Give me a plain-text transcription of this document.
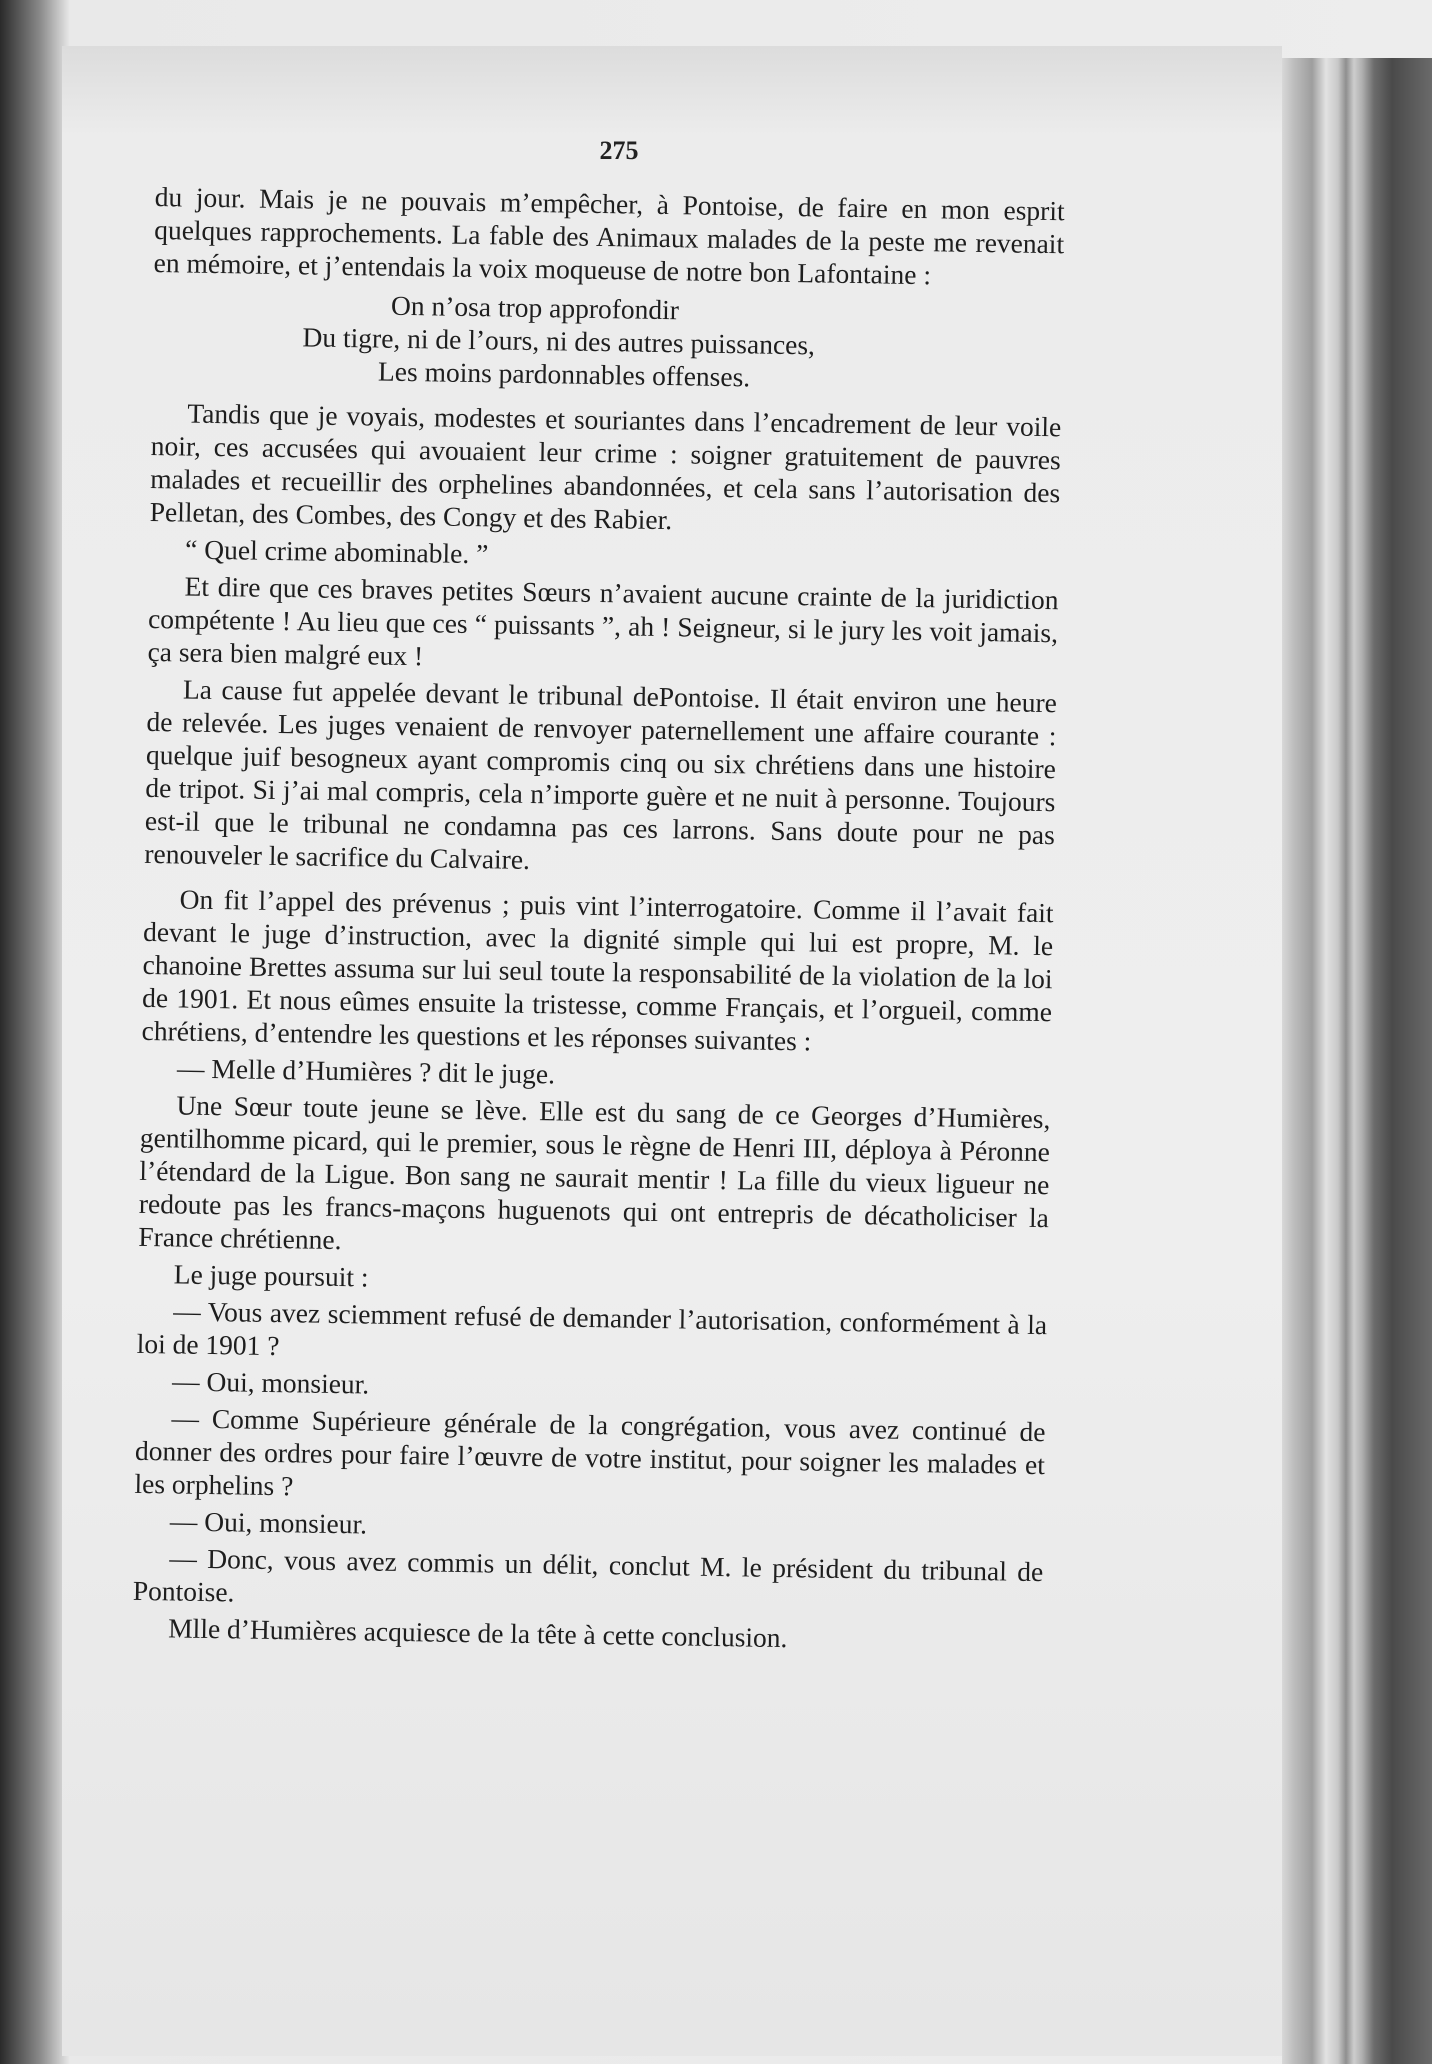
275

du jour. Mais je ne pouvais m’empêcher, à Pontoise, de faire en mon esprit quelques rapprochements. La fable des Animaux malades de la peste me revenait en mémoire, et j’entendais la voix moqueuse de notre bon Lafontaine :

On n’osa trop approfondir
Du tigre, ni de l’ours, ni des autres puissances,
Les moins pardonnables offenses.

Tandis que je voyais, modestes et souriantes dans l’encadrement de leur voile noir, ces accusées qui avouaient leur crime : soigner gratuitement de pauvres malades et recueillir des orphelines abandonnées, et cela sans l’autorisation des Pelletan, des Combes, des Congy et des Rabier.

“ Quel crime abominable. ”

Et dire que ces braves petites Sœurs n’avaient aucune crainte de la juridiction compétente ! Au lieu que ces “ puissants ”, ah ! Seigneur, si le jury les voit jamais, ça sera bien malgré eux !

La cause fut appelée devant le tribunal dePontoise. Il était environ une heure de relevée. Les juges venaient de renvoyer paternellement une affaire courante : quelque juif besogneux ayant compromis cinq ou six chrétiens dans une histoire de tripot. Si j’ai mal compris, cela n’importe guère et ne nuit à personne. Toujours est-il que le tribunal ne condamna pas ces larrons. Sans doute pour ne pas renouveler le sacrifice du Calvaire.

On fit l’appel des prévenus ; puis vint l’interrogatoire. Comme il l’avait fait devant le juge d’instruction, avec la dignité simple qui lui est propre, M. le chanoine Brettes assuma sur lui seul toute la responsabilité de la violation de la loi de 1901. Et nous eûmes ensuite la tristesse, comme Français, et l’orgueil, comme chrétiens, d’entendre les questions et les réponses suivantes :

— Melle d’Humières ? dit le juge.

Une Sœur toute jeune se lève. Elle est du sang de ce Georges d’Humières, gentilhomme picard, qui le premier, sous le règne de Henri III, déploya à Péronne l’étendard de la Ligue. Bon sang ne saurait mentir ! La fille du vieux ligueur ne redoute pas les francs-maçons huguenots qui ont entrepris de décatholiciser la France chrétienne.

Le juge poursuit :

— Vous avez sciemment refusé de demander l’autorisation, conformément à la loi de 1901 ?

— Oui, monsieur.

— Comme Supérieure générale de la congrégation, vous avez continué de donner des ordres pour faire l’œuvre de votre institut, pour soigner les malades et les orphelins ?

— Oui, monsieur.

— Donc, vous avez commis un délit, conclut M. le président du tribunal de Pontoise.

Mlle d’Humières acquiesce de la tête à cette conclusion.
